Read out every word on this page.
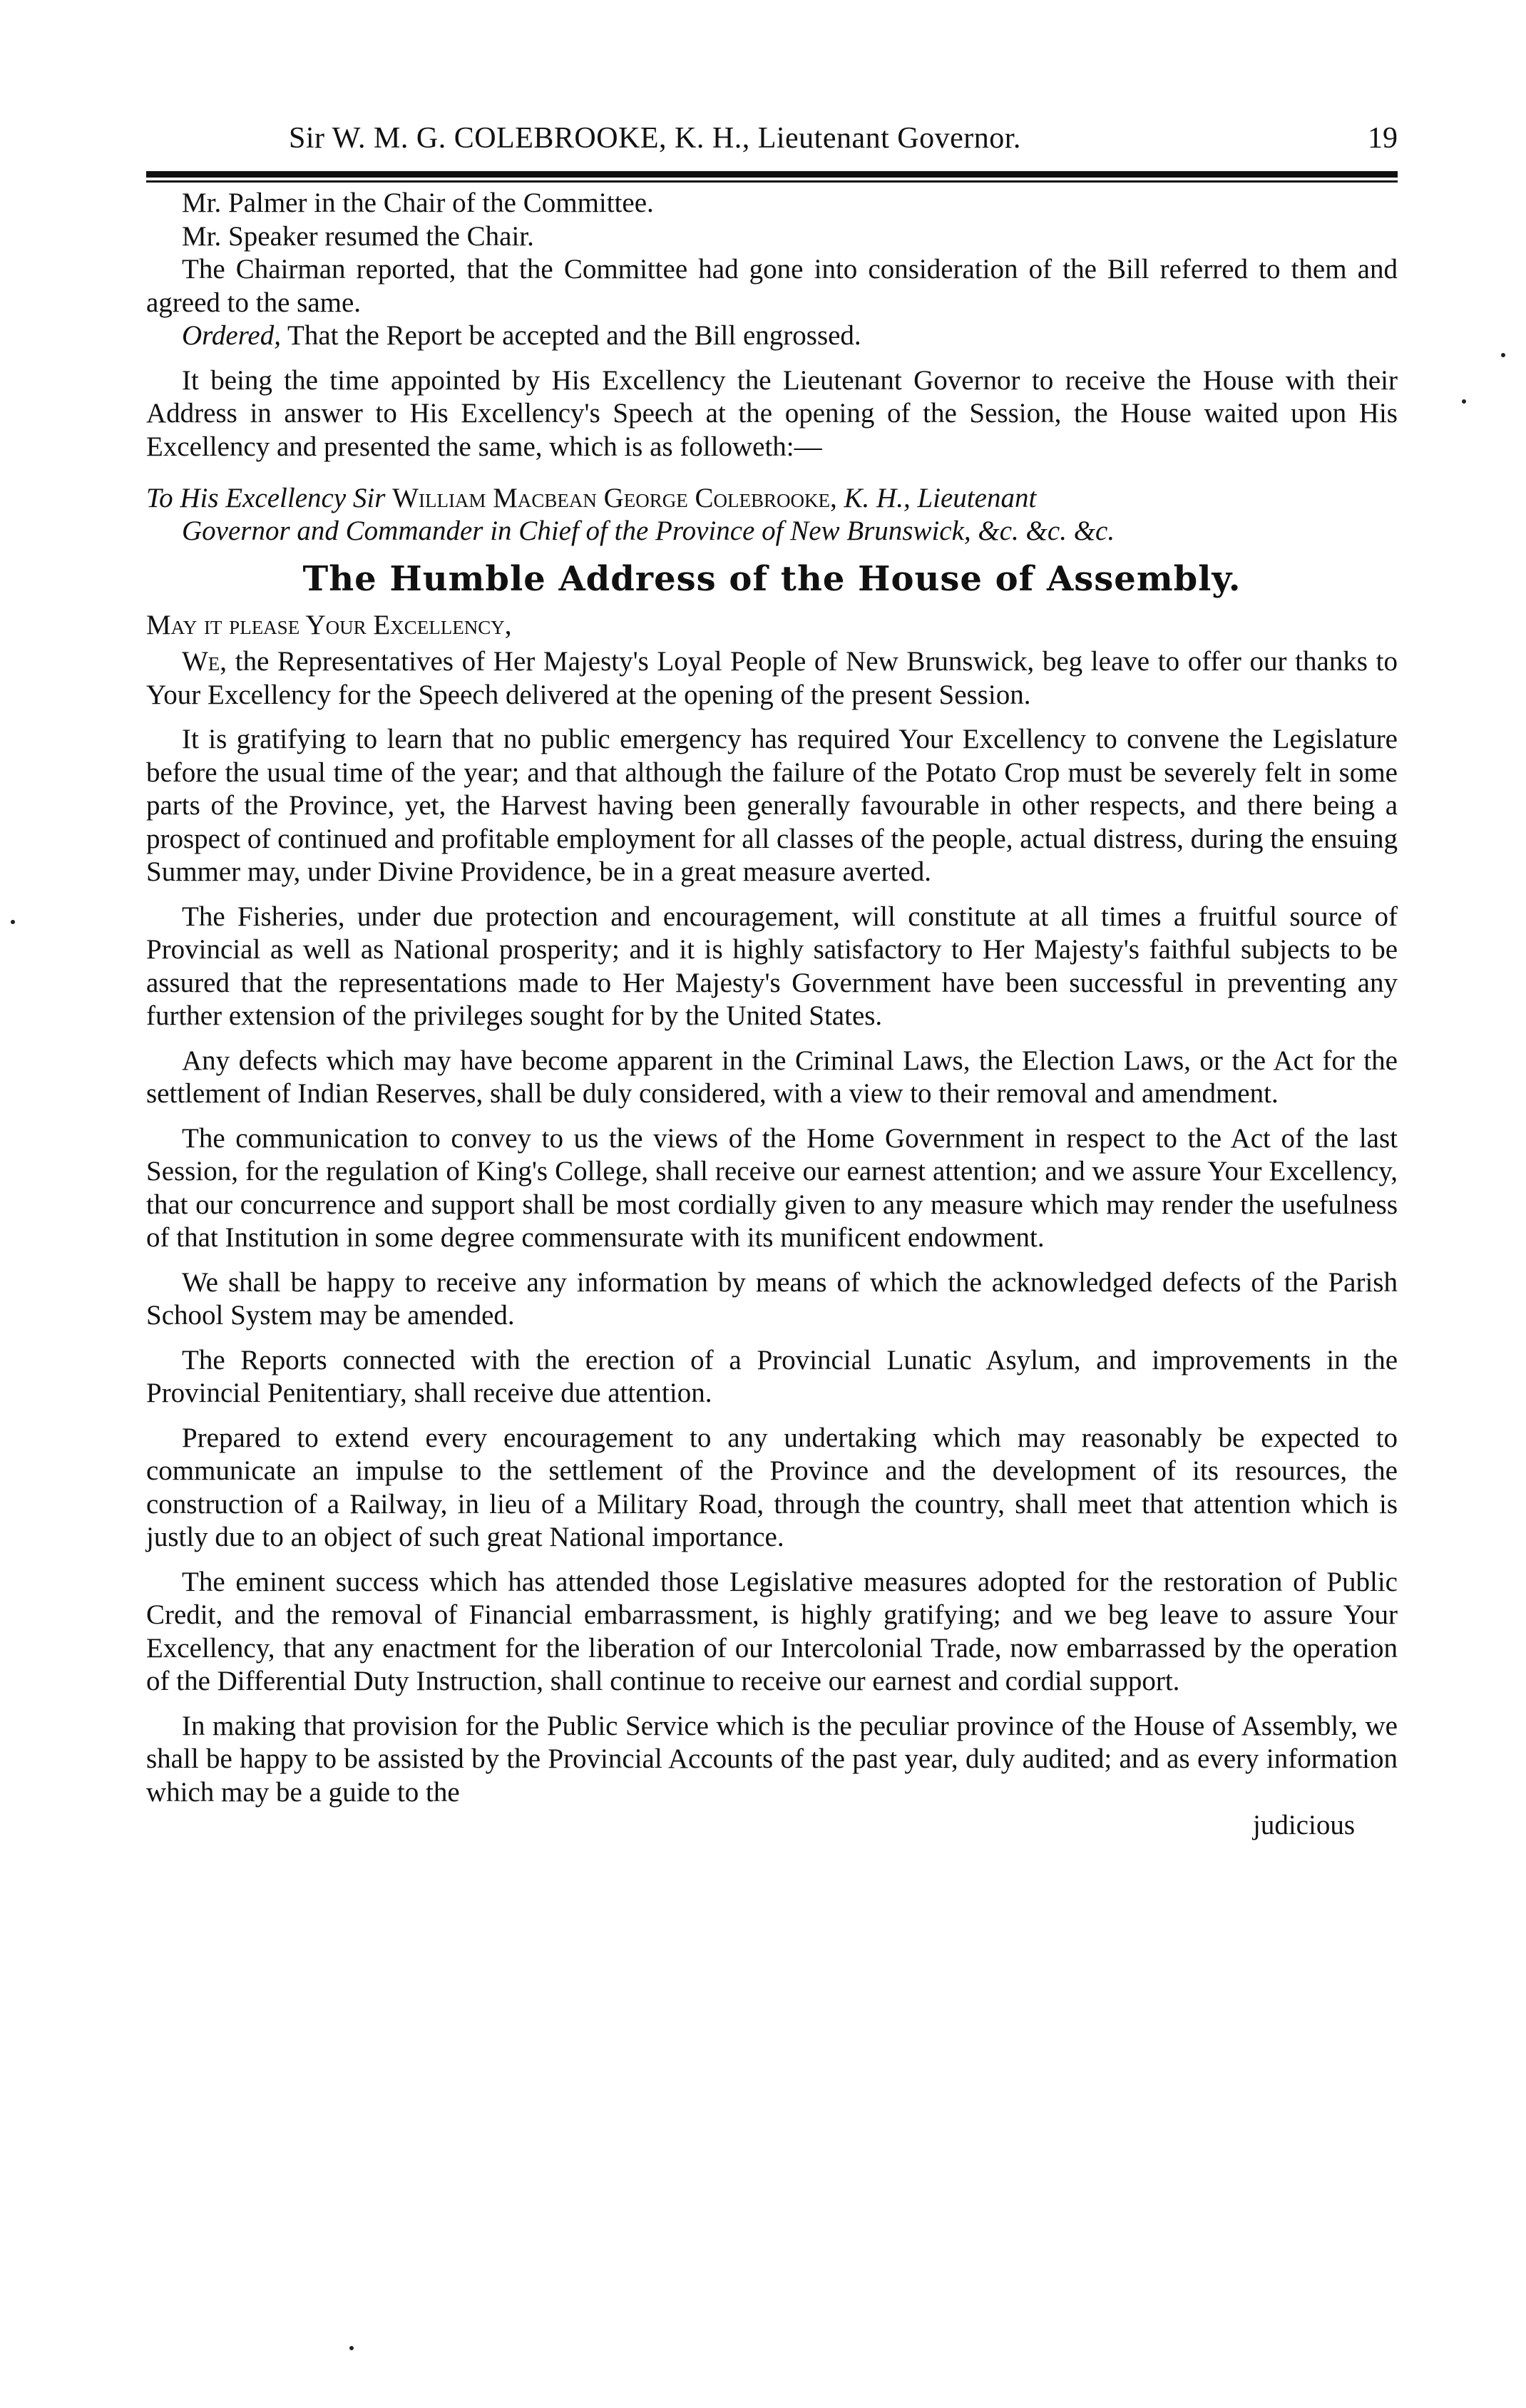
Sir W. M. G. COLEBROOKE, K. H., Lieutenant Governor.	19

Mr. Palmer in the Chair of the Committee.

Mr. Speaker resumed the Chair.

The Chairman reported, that the Committee had gone into consideration of the Bill referred to them and agreed to the same.

Ordered, That the Report be accepted and the Bill engrossed.

It being the time appointed by His Excellency the Lieutenant Governor to receive the House with their Address in answer to His Excellency's Speech at the opening of the Session, the House waited upon His Excellency and presented the same, which is as followeth:—

To His Excellency Sir William Macbean George Colebrooke, K. H., Lieutenant
Governor and Commander in Chief of the Province of New Brunswick, &c. &c. &c.
The Humble Address of the House of Assembly.
May it please Your Excellency,

We, the Representatives of Her Majesty's Loyal People of New Brunswick, beg leave to offer our thanks to Your Excellency for the Speech delivered at the opening of the present Session.

It is gratifying to learn that no public emergency has required Your Excellency to convene the Legislature before the usual time of the year; and that although the failure of the Potato Crop must be severely felt in some parts of the Province, yet, the Harvest having been generally favourable in other respects, and there being a prospect of continued and profitable employment for all classes of the people, actual distress, during the ensuing Summer may, under Divine Providence, be in a great measure averted.

The Fisheries, under due protection and encouragement, will constitute at all times a fruitful source of Provincial as well as National prosperity; and it is highly satisfactory to Her Majesty's faithful subjects to be assured that the representations made to Her Majesty's Government have been successful in preventing any further extension of the privileges sought for by the United States.

Any defects which may have become apparent in the Criminal Laws, the Election Laws, or the Act for the settlement of Indian Reserves, shall be duly considered, with a view to their removal and amendment.

The communication to convey to us the views of the Home Government in respect to the Act of the last Session, for the regulation of King's College, shall receive our earnest attention; and we assure Your Excellency, that our concurrence and support shall be most cordially given to any measure which may render the usefulness of that Institution in some degree commensurate with its munificent endowment.

We shall be happy to receive any information by means of which the acknowledged defects of the Parish School System may be amended.

The Reports connected with the erection of a Provincial Lunatic Asylum, and improvements in the Provincial Penitentiary, shall receive due attention.

Prepared to extend every encouragement to any undertaking which may reasonably be expected to communicate an impulse to the settlement of the Province and the development of its resources, the construction of a Railway, in lieu of a Military Road, through the country, shall meet that attention which is justly due to an object of such great National importance.

The eminent success which has attended those Legislative measures adopted for the restoration of Public Credit, and the removal of Financial embarrassment, is highly gratifying; and we beg leave to assure Your Excellency, that any enactment for the liberation of our Intercolonial Trade, now embarrassed by the operation of the Differential Duty Instruction, shall continue to receive our earnest and cordial support.

In making that provision for the Public Service which is the peculiar province of the House of Assembly, we shall be happy to be assisted by the Provincial Accounts of the past year, duly audited; and as every information which may be a guide to the

judicious
